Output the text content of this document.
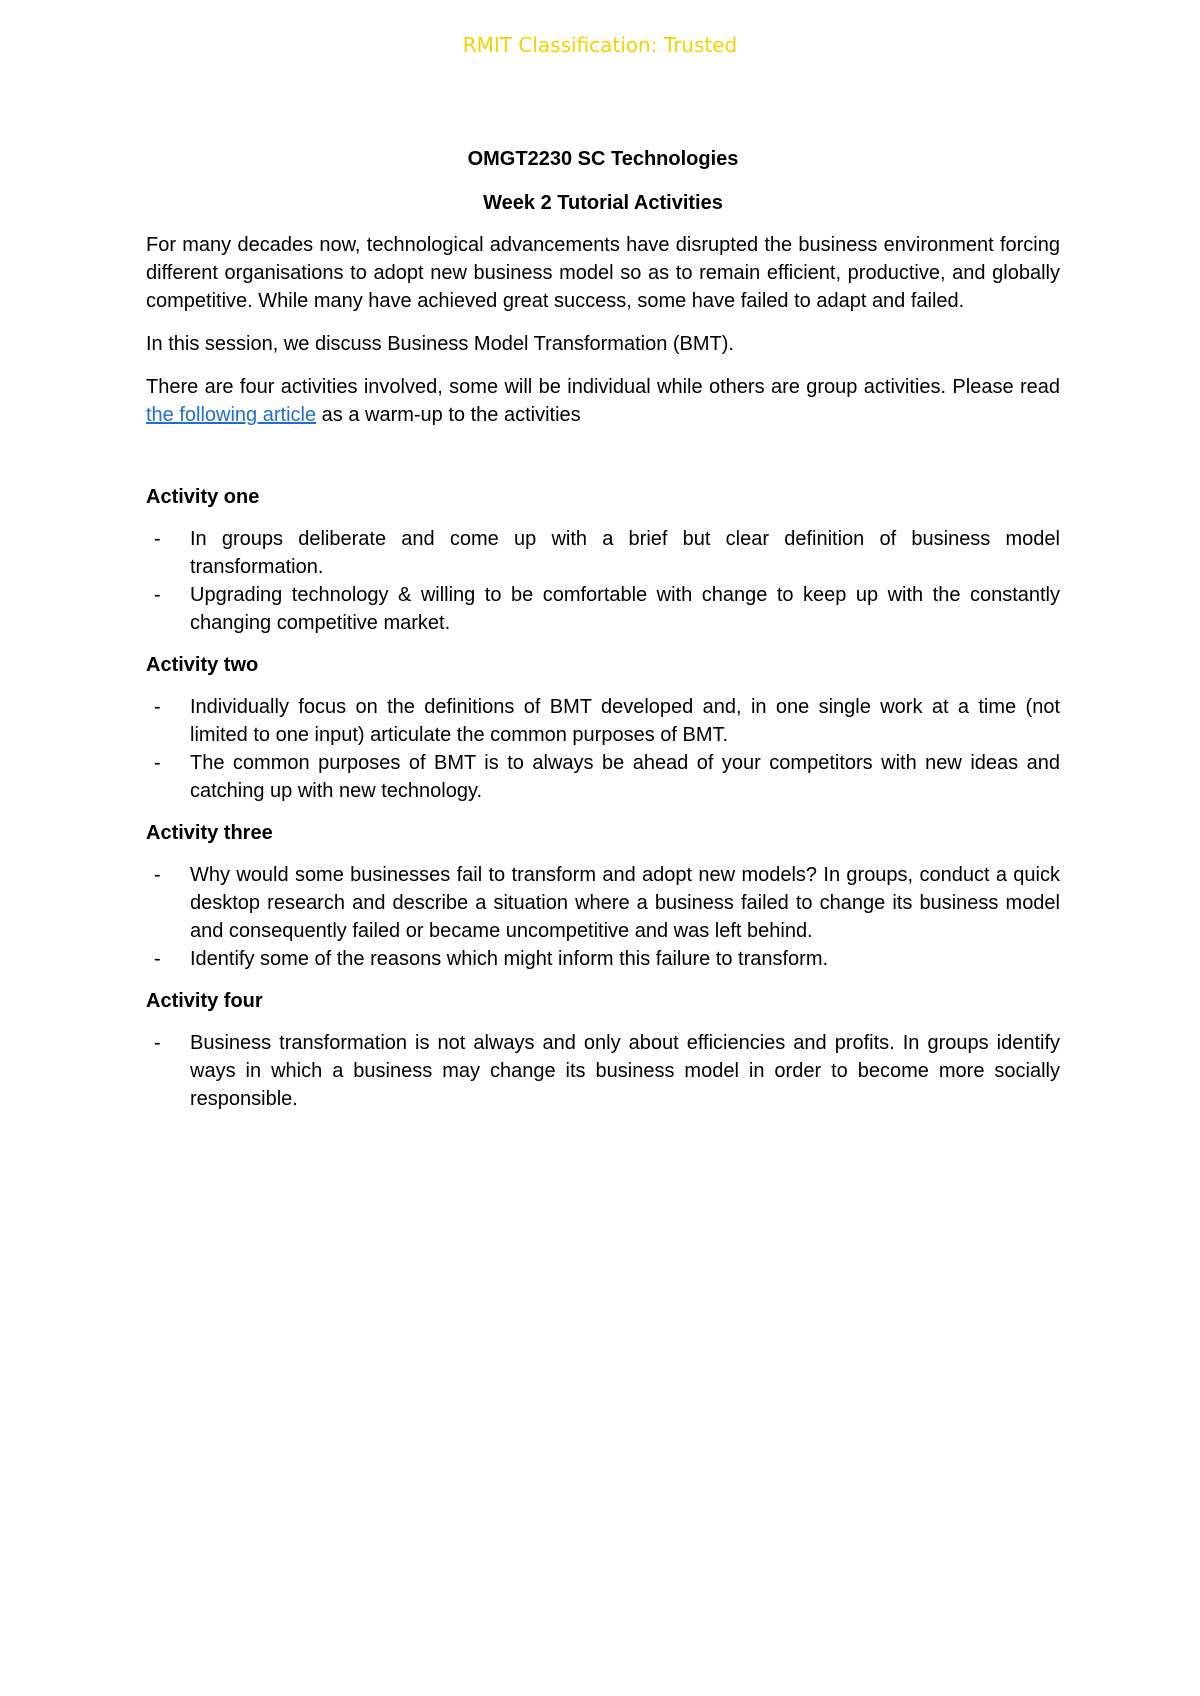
RMIT Classification: Trusted
OMGT2230 SC Technologies
Week 2 Tutorial Activities

For many decades now, technological advancements have disrupted the business environment forcing different organisations to adopt new business model so as to remain efficient, productive, and globally competitive. While many have achieved great success, some have failed to adapt and failed.

In this session, we discuss Business Model Transformation (BMT).

There are four activities involved, some will be individual while others are group activities. Please read the following article as a warm-up to the activities

Activity one
- In groups deliberate and come up with a brief but clear definition of business model transformation.
- Upgrading technology & willing to be comfortable with change to keep up with the constantly changing competitive market.
Activity two
- Individually focus on the definitions of BMT developed and, in one single work at a time (not limited to one input) articulate the common purposes of BMT.
- The common purposes of BMT is to always be ahead of your competitors with new ideas and catching up with new technology.
Activity three
- Why would some businesses fail to transform and adopt new models? In groups, conduct a quick desktop research and describe a situation where a business failed to change its business model and consequently failed or became uncompetitive and was left behind.
- Identify some of the reasons which might inform this failure to transform.
Activity four
- Business transformation is not always and only about efficiencies and profits. In groups identify ways in which a business may change its business model in order to become more socially responsible.
